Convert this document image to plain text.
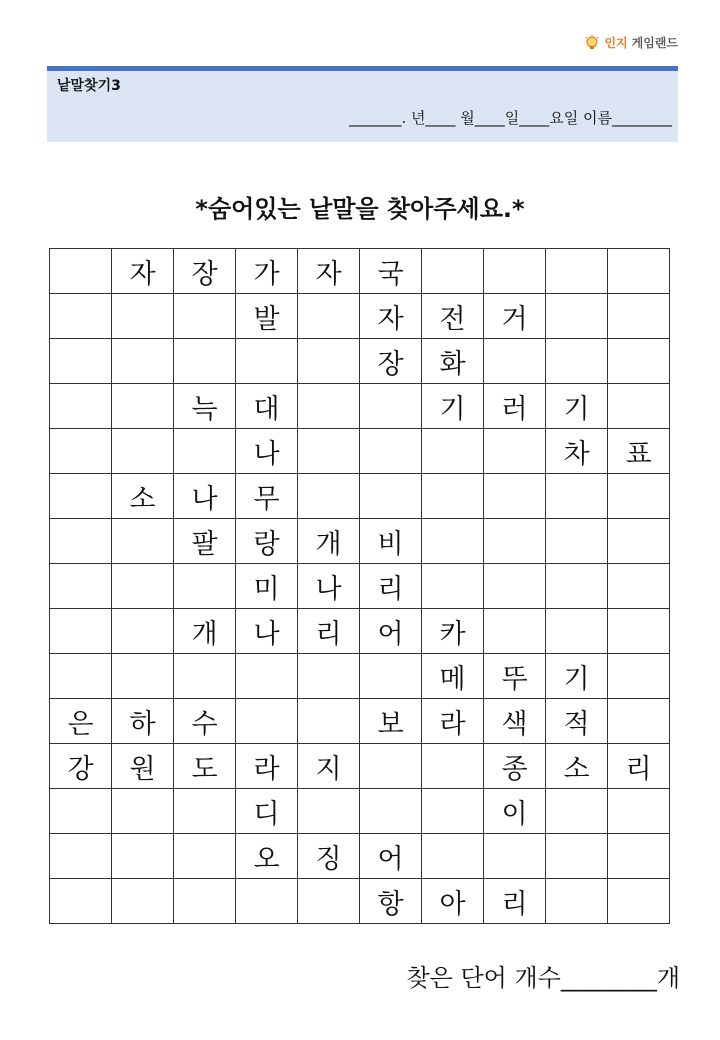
인지 게임랜드
낱말찾기3
_______. 년____ 월____일____요일 이름________
*숨어있는 낱말을 찾아주세요.*
	자	장	가	자	국				
			발		자	전	거		
					장	화			
		늑	대			기	러	기	
			나					차	표
	소	나	무						
		팔	랑	개	비				
			미	나	리				
		개	나	리	어	카			
						메	뚜	기	
은	하	수			보	라	색	적	
강	원	도	라	지			종	소	리
			디				이		
			오	징	어				
					항	아	리		
찾은 단어 개수________개
